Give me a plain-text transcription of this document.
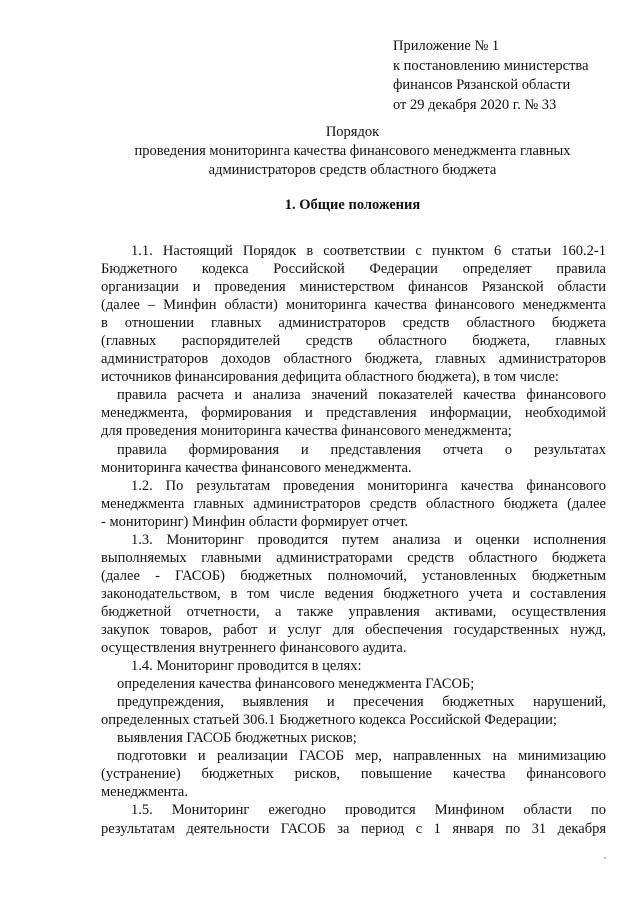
Приложение № 1
к постановлению министерства
финансов Рязанской области
от 29 декабря 2020 г. № 33
Порядок
проведения мониторинга качества финансового менеджмента главных
администраторов средств областного бюджета
1. Общие положения
1.1. Настоящий Порядок в соответствии с пунктом 6 статьи 160.2-1
Бюджетного кодекса Российской Федерации определяет правила
организации и проведения министерством финансов Рязанской области
(далее – Минфин области) мониторинга качества финансового менеджмента
в отношении главных администраторов средств областного бюджета
(главных распорядителей средств областного бюджета, главных
администраторов доходов областного бюджета, главных администраторов
источников финансирования дефицита областного бюджета), в том числе:
правила расчета и анализа значений показателей качества финансового
менеджмента, формирования и представления информации, необходимой
для проведения мониторинга качества финансового менеджмента;
правила формирования и представления отчета о результатах
мониторинга качества финансового менеджмента.
1.2. По результатам проведения мониторинга качества финансового
менеджмента главных администраторов средств областного бюджета (далее
- мониторинг) Минфин области формирует отчет.
1.3. Мониторинг проводится путем анализа и оценки исполнения
выполняемых главными администраторами средств областного бюджета
(далее - ГАСОБ) бюджетных полномочий, установленных бюджетным
законодательством, в том числе ведения бюджетного учета и составления
бюджетной отчетности, а также управления активами, осуществления
закупок товаров, работ и услуг для обеспечения государственных нужд,
осуществления внутреннего финансового аудита.
1.4. Мониторинг проводится в целях:
определения качества финансового менеджмента ГАСОБ;
предупреждения, выявления и пресечения бюджетных нарушений,
определенных статьей 306.1 Бюджетного кодекса Российской Федерации;
выявления ГАСОБ бюджетных рисков;
подготовки и реализации ГАСОБ мер, направленных на минимизацию
(устранение) бюджетных рисков, повышение качества финансового
менеджмента.
1.5. Мониторинг ежегодно проводится Минфином области по
результатам деятельности ГАСОБ за период с 1 января по 31 декабря
